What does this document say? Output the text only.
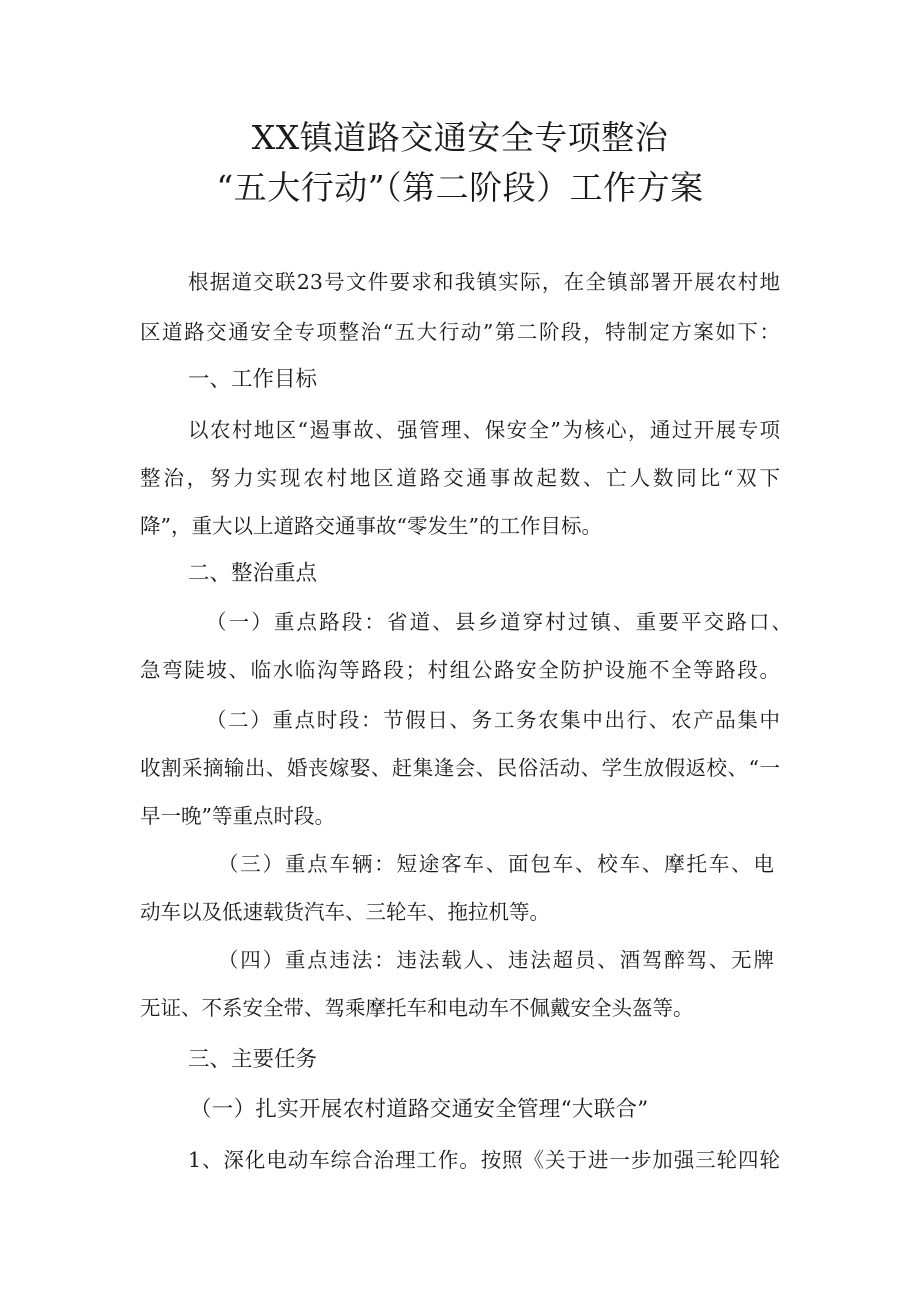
XX镇道路交通安全专项整治
“五大行动”（第二阶段）工作方案
根据道交联23号文件要求和我镇实际，在全镇部署开展农村地
区道路交通安全专项整治“五大行动”第二阶段，特制定方案如下：
一、工作目标
以农村地区“遏事故、强管理、保安全”为核心，通过开展专项
整治，努力实现农村地区道路交通事故起数、亡人数同比“双下
降”，重大以上道路交通事故“零发生”的工作目标。
二、整治重点
（一）重点路段：省道、县乡道穿村过镇、重要平交路口、
急弯陡坡、临水临沟等路段；村组公路安全防护设施不全等路段。
（二）重点时段：节假日、务工务农集中出行、农产品集中
收割采摘输出、婚丧嫁娶、赶集逢会、民俗活动、学生放假返校、“一
早一晚”等重点时段。
（三）重点车辆：短途客车、面包车、校车、摩托车、电
动车以及低速载货汽车、三轮车、拖拉机等。
（四）重点违法：违法载人、违法超员、酒驾醉驾、无牌
无证、不系安全带、驾乘摩托车和电动车不佩戴安全头盔等。
三、主要任务
（一）扎实开展农村道路交通安全管理“大联合”
1、深化电动车综合治理工作。按照《关于进一步加强三轮四轮
